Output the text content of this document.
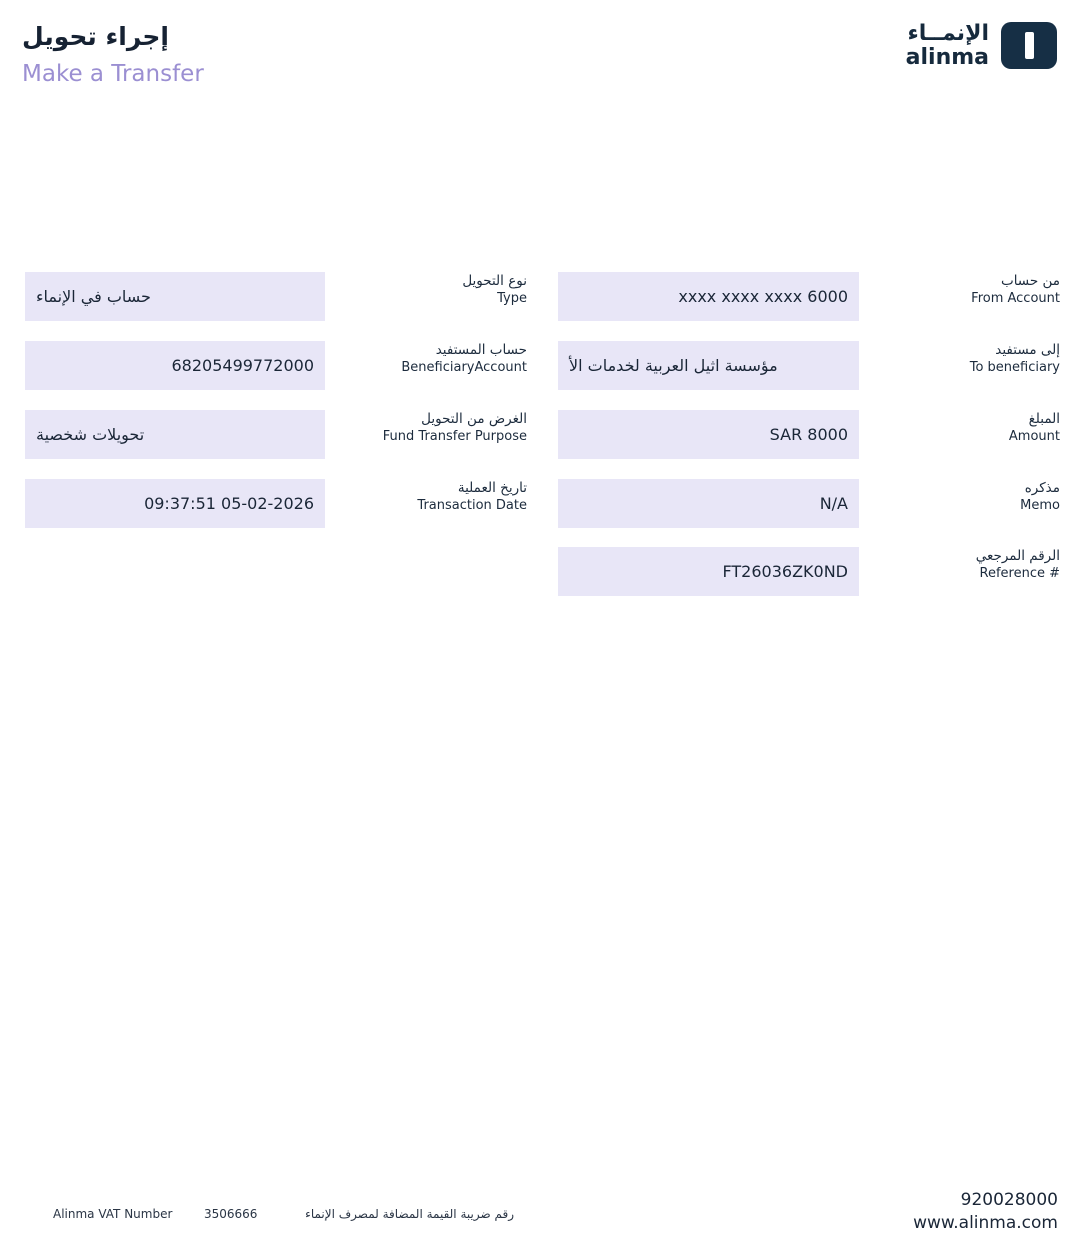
إجراء تحويل
Make a Transfer
الإنمــاء
alinma
من حساب
From Account
xxxx xxxx xxxx 6000
إلى مستفيد
To beneficiary
مؤسسة اثيل العربية لخدمات الأ
المبلغ
Amount
SAR 8000
مذكره
Memo
N/A
الرقم المرجعي
Reference #
FT26036ZK0ND
نوع التحويل
Type
حساب في الإنماء
حساب المستفيد
BeneficiaryAccount
68205499772000
الغرض من التحويل
Fund Transfer Purpose
تحويلات شخصية
تاريخ العملية
Transaction Date
09:37:51 05-02-2026
Alinma VAT Number	3506666	رقم ضريبة القيمة المضافة لمصرف الإنماء
920028000
www.alinma.com
